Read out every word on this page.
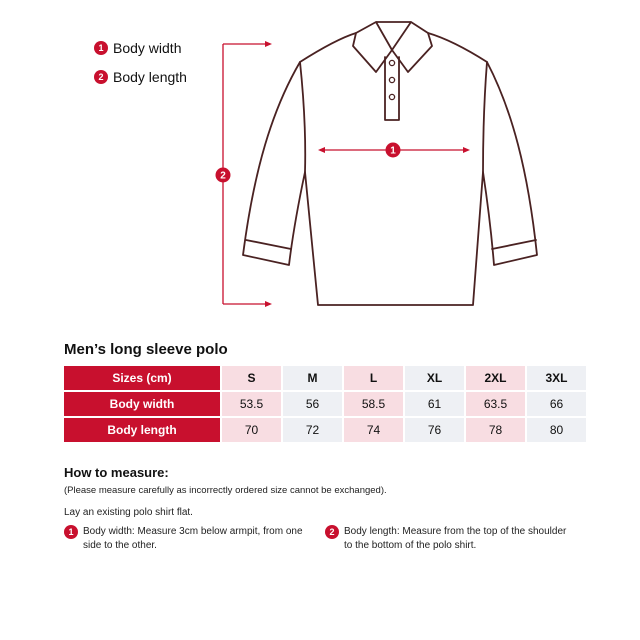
1 Body width
2 Body length
1
2
Men’s long sleeve polo
Sizes (cm)	S	M	L	XL	2XL	3XL
Body width	53.5	56	58.5	61	63.5	66
Body length	70	72	74	76	78	80
How to measure:
(Please measure carefully as incorrectly ordered size cannot be exchanged).
Lay an existing polo shirt flat.
1 Body width: Measure 3cm below armpit, from one side to the other.
2 Body length: Measure from the top of the shoulder to the bottom of the polo shirt.
